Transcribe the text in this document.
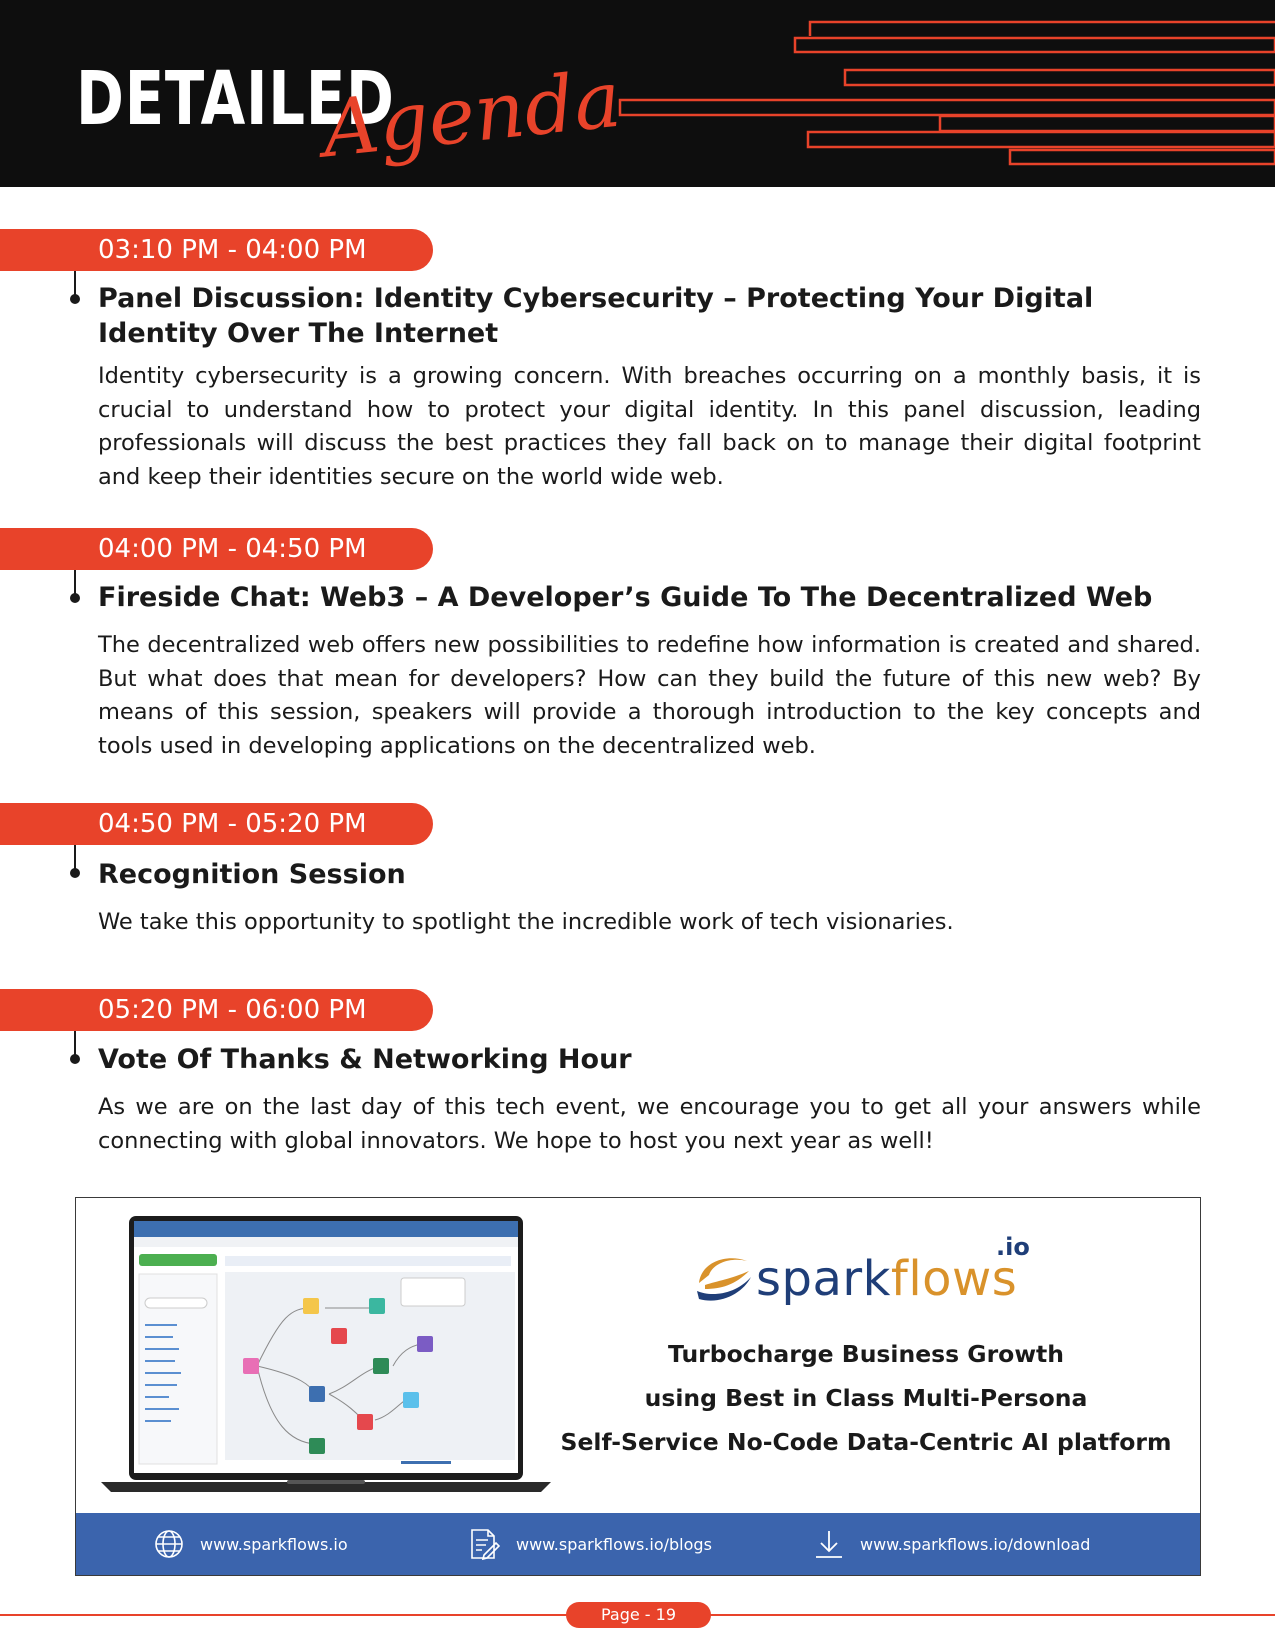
DETAILED
Agenda
03:10 PM - 04:00 PM
Panel Discussion: Identity Cybersecurity – Protecting Your Digital Identity Over The Internet
Identity cybersecurity is a growing concern. With breaches occurring on a monthly basis, it is crucial to understand how to protect your digital identity. In this panel discussion, leading professionals will discuss the best practices they fall back on to manage their digital footprint and keep their identities secure on the world wide web.
04:00 PM - 04:50 PM
Fireside Chat: Web3 – A Developer’s Guide To The Decentralized Web
The decentralized web offers new possibilities to redefine how information is created and shared. But what does that mean for developers? How can they build the future of this new web? By means of this session, speakers will provide a thorough introduction to the key concepts and tools used in developing applications on the decentralized web.
04:50 PM - 05:20 PM
Recognition Session
We take this opportunity to spotlight the incredible work of tech visionaries.
05:20 PM - 06:00 PM
Vote Of Thanks & Networking Hour
As we are on the last day of this tech event, we encourage you to get all your answers while connecting with global innovators. We hope to host you next year as well!
sparkflows
.io
Turbocharge Business Growth
using Best in Class Multi-Persona
Self-Service No-Code Data-Centric AI platform
www.sparkflows.io	www.sparkflows.io/blogs	www.sparkflows.io/download
Page - 19
